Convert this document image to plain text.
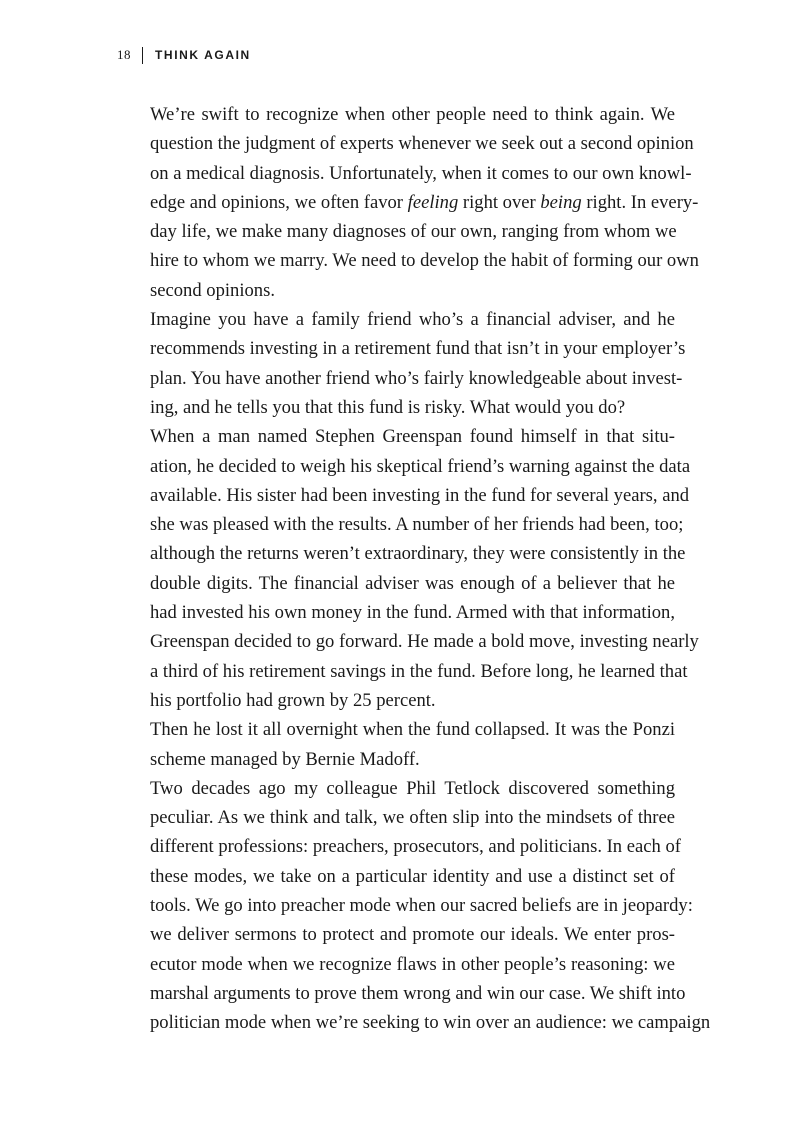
18 THINK AGAIN

We’re swift to recognize when other people need to think again. We
question the judgment of experts whenever we seek out a second opinion
on a medical diagnosis. Unfortunately, when it comes to our own knowl-
edge and opinions, we often favor feeling right over being right. In every-
day life, we make many diagnoses of our own, ranging from whom we
hire to whom we marry. We need to develop the habit of forming our own
second opinions.

Imagine you have a family friend who’s a financial adviser, and he
recommends investing in a retirement fund that isn’t in your employer’s
plan. You have another friend who’s fairly knowledgeable about invest-
ing, and he tells you that this fund is risky. What would you do?

When a man named Stephen Greenspan found himself in that situ-
ation, he decided to weigh his skeptical friend’s warning against the data
available. His sister had been investing in the fund for several years, and
she was pleased with the results. A number of her friends had been, too;
although the returns weren’t extraordinary, they were consistently in the
double digits. The financial adviser was enough of a believer that he
had invested his own money in the fund. Armed with that information,
Greenspan decided to go forward. He made a bold move, investing nearly
a third of his retirement savings in the fund. Before long, he learned that
his portfolio had grown by 25 percent.

Then he lost it all overnight when the fund collapsed. It was the Ponzi
scheme managed by Bernie Madoff.

Two decades ago my colleague Phil Tetlock discovered something
peculiar. As we think and talk, we often slip into the mindsets of three
different professions: preachers, prosecutors, and politicians. In each of
these modes, we take on a particular identity and use a distinct set of
tools. We go into preacher mode when our sacred beliefs are in jeopardy:
we deliver sermons to protect and promote our ideals. We enter pros-
ecutor mode when we recognize flaws in other people’s reasoning: we
marshal arguments to prove them wrong and win our case. We shift into
politician mode when we’re seeking to win over an audience: we campaign
